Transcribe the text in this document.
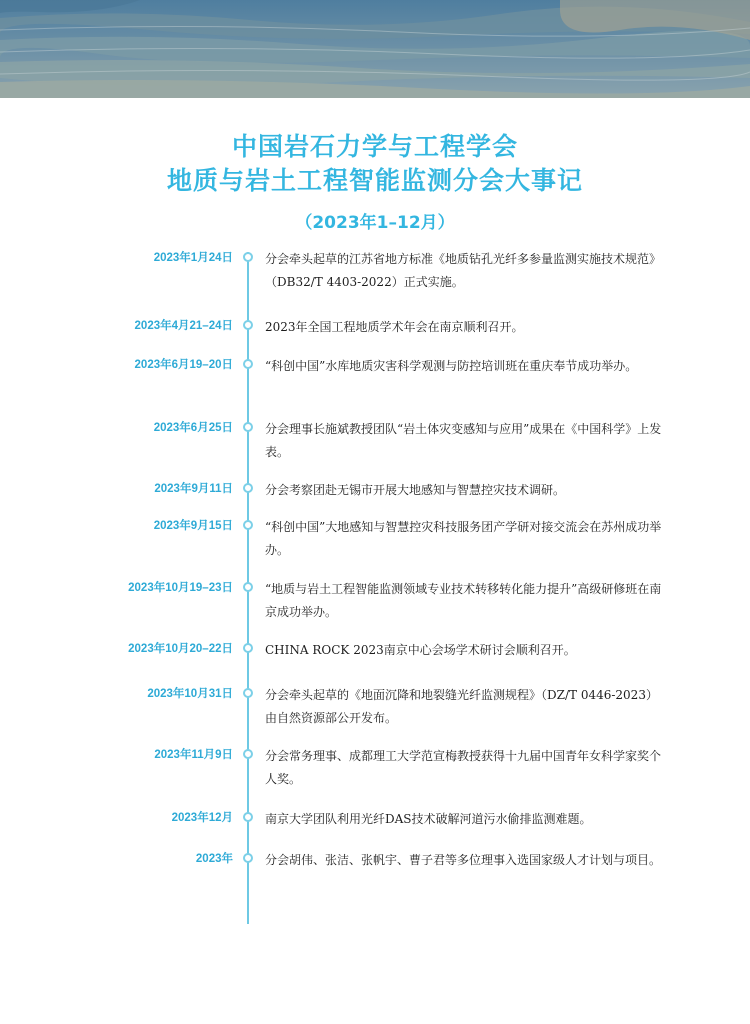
中国岩石力学与工程学会
地质与岩土工程智能监测分会大事记
（2023年1–12月）
2023年1月24日	分会牵头起草的江苏省地方标准《地质钻孔光纤多参量监测实施技术规范》（DB32/T 4403-2022）正式实施。
2023年4月21–24日	2023年全国工程地质学术年会在南京顺利召开。
2023年6月19–20日	“科创中国”水库地质灾害科学观测与防控培训班在重庆奉节成功举办。
2023年6月25日	分会理事长施斌教授团队“岩土体灾变感知与应用”成果在《中国科学》上发表。
2023年9月11日	分会考察团赴无锡市开展大地感知与智慧控灾技术调研。
2023年9月15日	“科创中国”大地感知与智慧控灾科技服务团产学研对接交流会在苏州成功举办。
2023年10月19–23日	“地质与岩土工程智能监测领域专业技术转移转化能力提升”高级研修班在南京成功举办。
2023年10月20–22日	CHINA ROCK 2023南京中心会场学术研讨会顺利召开。
2023年10月31日	分会牵头起草的《地面沉降和地裂缝光纤监测规程》（DZ/T 0446-2023）由自然资源部公开发布。
2023年11月9日	分会常务理事、成都理工大学范宣梅教授获得十九届中国青年女科学家奖个人奖。
2023年12月	南京大学团队利用光纤DAS技术破解河道污水偷排监测难题。
2023年	分会胡伟、张洁、张帆宇、曹子君等多位理事入选国家级人才计划与项目。
